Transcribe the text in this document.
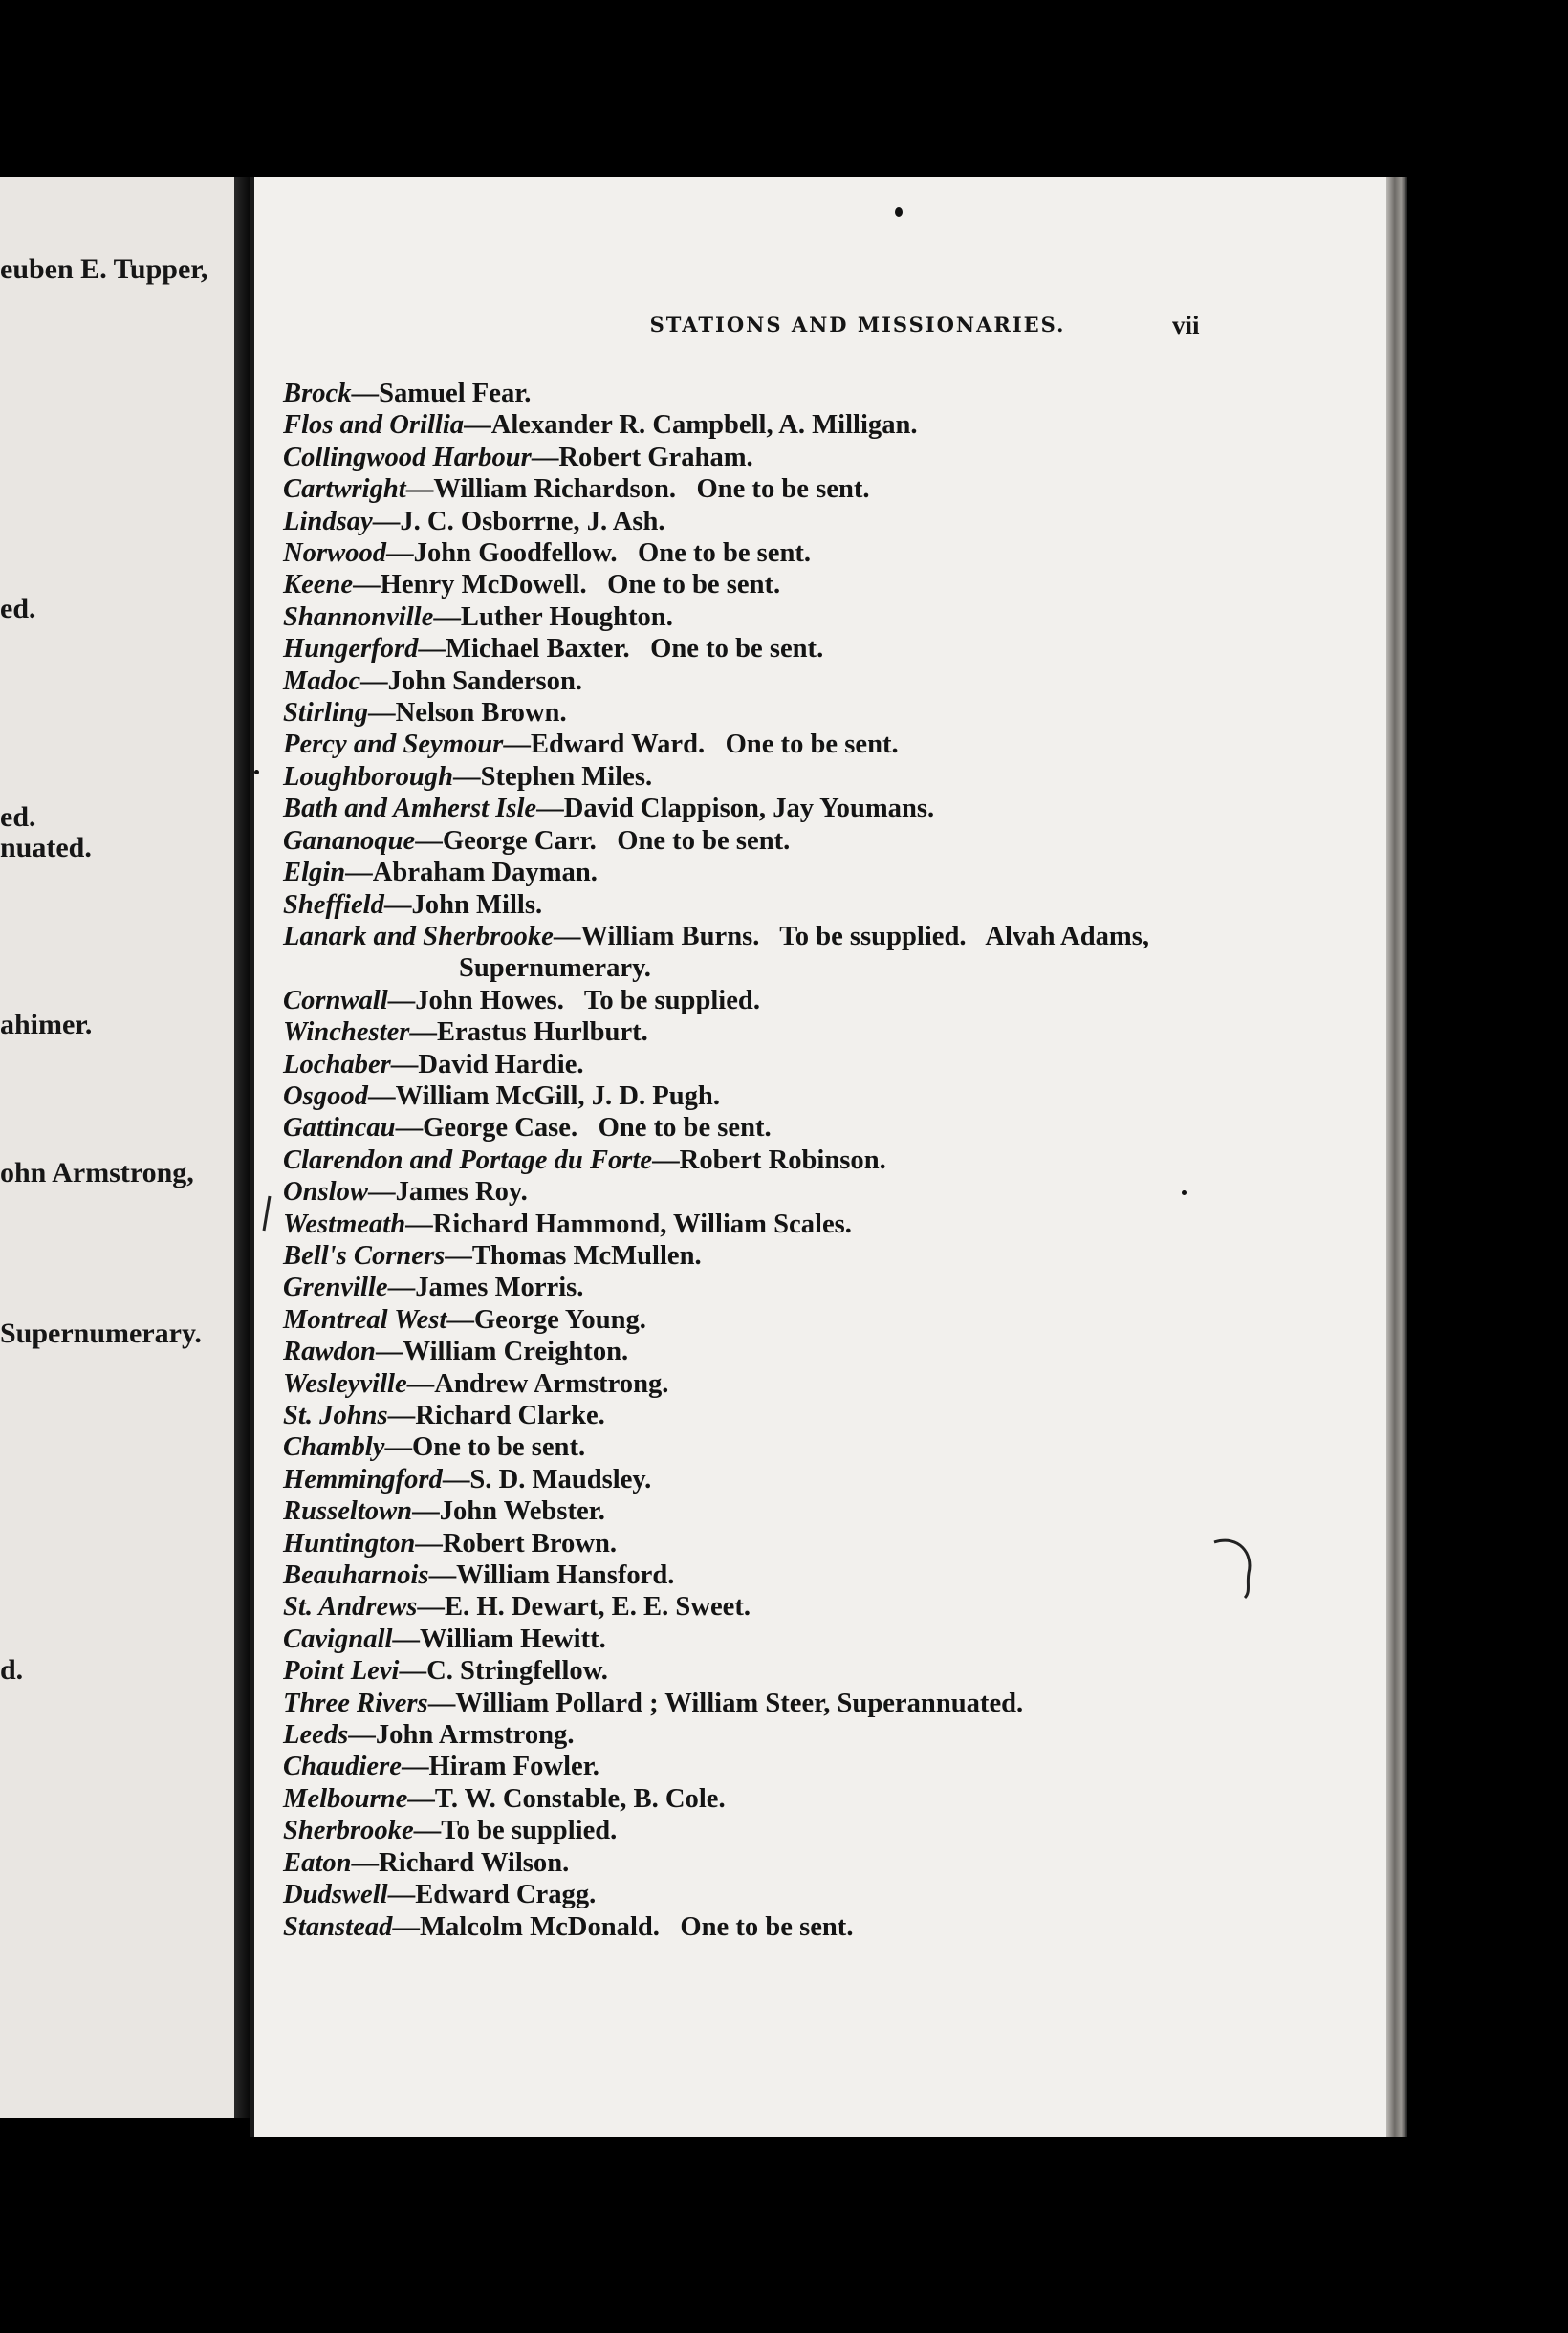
euben E. Tupper,
ed.
ed.
nuated.
ahimer.
ohn Armstrong,
Supernumerary.
d.
STATIONS AND MISSIONARIES.	vii
Brock—Samuel Fear.
Flos and Orillia—Alexander R. Campbell, A. Milligan.
Collingwood Harbour—Robert Graham.
Cartwright—William Richardson.   One to be sent.
Lindsay—J. C. Osborrne, J. Ash.
Norwood—John Goodfellow.   One to be sent.
Keene—Henry McDowell.   One to be sent.
Shannonville—Luther Houghton.
Hungerford—Michael Baxter.   One to be sent.
Madoc—John Sanderson.
Stirling—Nelson Brown.
Percy and Seymour—Edward Ward.   One to be sent.
Loughborough—Stephen Miles.
Bath and Amherst Isle—David Clappison, Jay Youmans.
Gananoque—George Carr.   One to be sent.
Elgin—Abraham Dayman.
Sheffield—John Mills.
Lanark and Sherbrooke—William Burns.   To be ssupplied.   Alvah Adams,
Supernumerary.
Cornwall—John Howes.   To be supplied.
Winchester—Erastus Hurlburt.
Lochaber—David Hardie.
Osgood—William McGill, J. D. Pugh.
Gattincau—George Case.   One to be sent.
Clarendon and Portage du Forte—Robert Robinson.
Onslow—James Roy.
Westmeath—Richard Hammond, William Scales.
Bell's Corners—Thomas McMullen.
Grenville—James Morris.
Montreal West—George Young.
Rawdon—William Creighton.
Wesleyville—Andrew Armstrong.
St. Johns—Richard Clarke.
Chambly—One to be sent.
Hemmingford—S. D. Maudsley.
Russeltown—John Webster.
Huntington—Robert Brown.
Beauharnois—William Hansford.
St. Andrews—E. H. Dewart, E. E. Sweet.
Cavignall—William Hewitt.
Point Levi—C. Stringfellow.
Three Rivers—William Pollard ; William Steer, Superannuated.
Leeds—John Armstrong.
Chaudiere—Hiram Fowler.
Melbourne—T. W. Constable, B. Cole.
Sherbrooke—To be supplied.
Eaton—Richard Wilson.
Dudswell—Edward Cragg.
Stanstead—Malcolm McDonald.   One to be sent.
